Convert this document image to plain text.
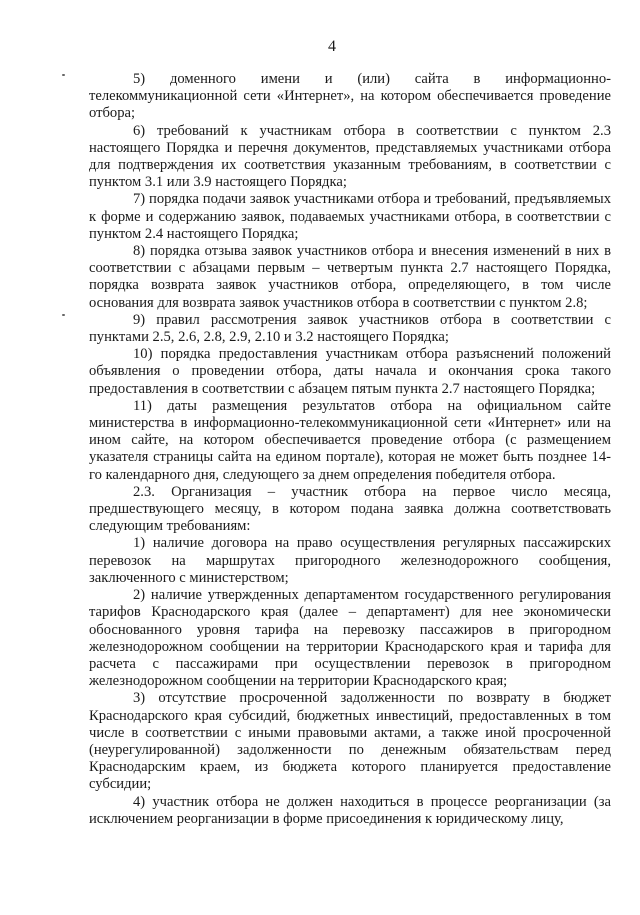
4

5) доменного имени и (или) сайта в информационно-телекоммуникационной сети «Интернет», на котором обеспечивается проведение отбора;

6) требований к участникам отбора в соответствии с пунктом 2.3 настоящего Порядка и перечня документов, представляемых участниками отбора для подтверждения их соответствия указанным требованиям, в соответствии с пунктом 3.1 или 3.9 настоящего Порядка;

7) порядка подачи заявок участниками отбора и требований, предъявляемых к форме и содержанию заявок, подаваемых участниками отбора, в соответствии с пунктом 2.4 настоящего Порядка;

8) порядка отзыва заявок участников отбора и внесения изменений в них в соответствии с абзацами первым – четвертым пункта 2.7 настоящего Порядка, порядка возврата заявок участников отбора, определяющего, в том числе основания для возврата заявок участников отбора в соответствии с пунктом 2.8;

9) правил рассмотрения заявок участников отбора в соответствии с пунктами 2.5, 2.6, 2.8, 2.9, 2.10 и 3.2 настоящего Порядка;

10) порядка предоставления участникам отбора разъяснений положений объявления о проведении отбора, даты начала и окончания срока такого предоставления в соответствии с абзацем пятым пункта 2.7 настоящего Порядка;

11) даты размещения результатов отбора на официальном сайте министерства в информационно-телекоммуникационной сети «Интернет» или на ином сайте, на котором обеспечивается проведение отбора (с размещением указателя страницы сайта на едином портале), которая не может быть позднее 14-го календарного дня, следующего за днем определения победителя отбора.

2.3. Организация – участник отбора на первое число месяца, предшествующего месяцу, в котором подана заявка должна соответствовать следующим требованиям:

1) наличие договора на право осуществления регулярных пассажирских перевозок на маршрутах пригородного железнодорожного сообщения, заключенного с министерством;

2) наличие утвержденных департаментом государственного регулирования тарифов Краснодарского края (далее – департамент) для нее экономически обоснованного уровня тарифа на перевозку пассажиров в пригородном железнодорожном сообщении на территории Краснодарского края и тарифа для расчета с пассажирами при осуществлении перевозок в пригородном железнодорожном сообщении на территории Краснодарского края;

3) отсутствие просроченной задолженности по возврату в бюджет Краснодарского края субсидий, бюджетных инвестиций, предоставленных в том числе в соответствии с иными правовыми актами, а также иной просроченной (неурегулированной) задолженности по денежным обязательствам перед Краснодарским краем, из бюджета которого планируется предоставление субсидии;

4) участник отбора не должен находиться в процессе реорганизации (за исключением реорганизации в форме присоединения к юридическому лицу,
